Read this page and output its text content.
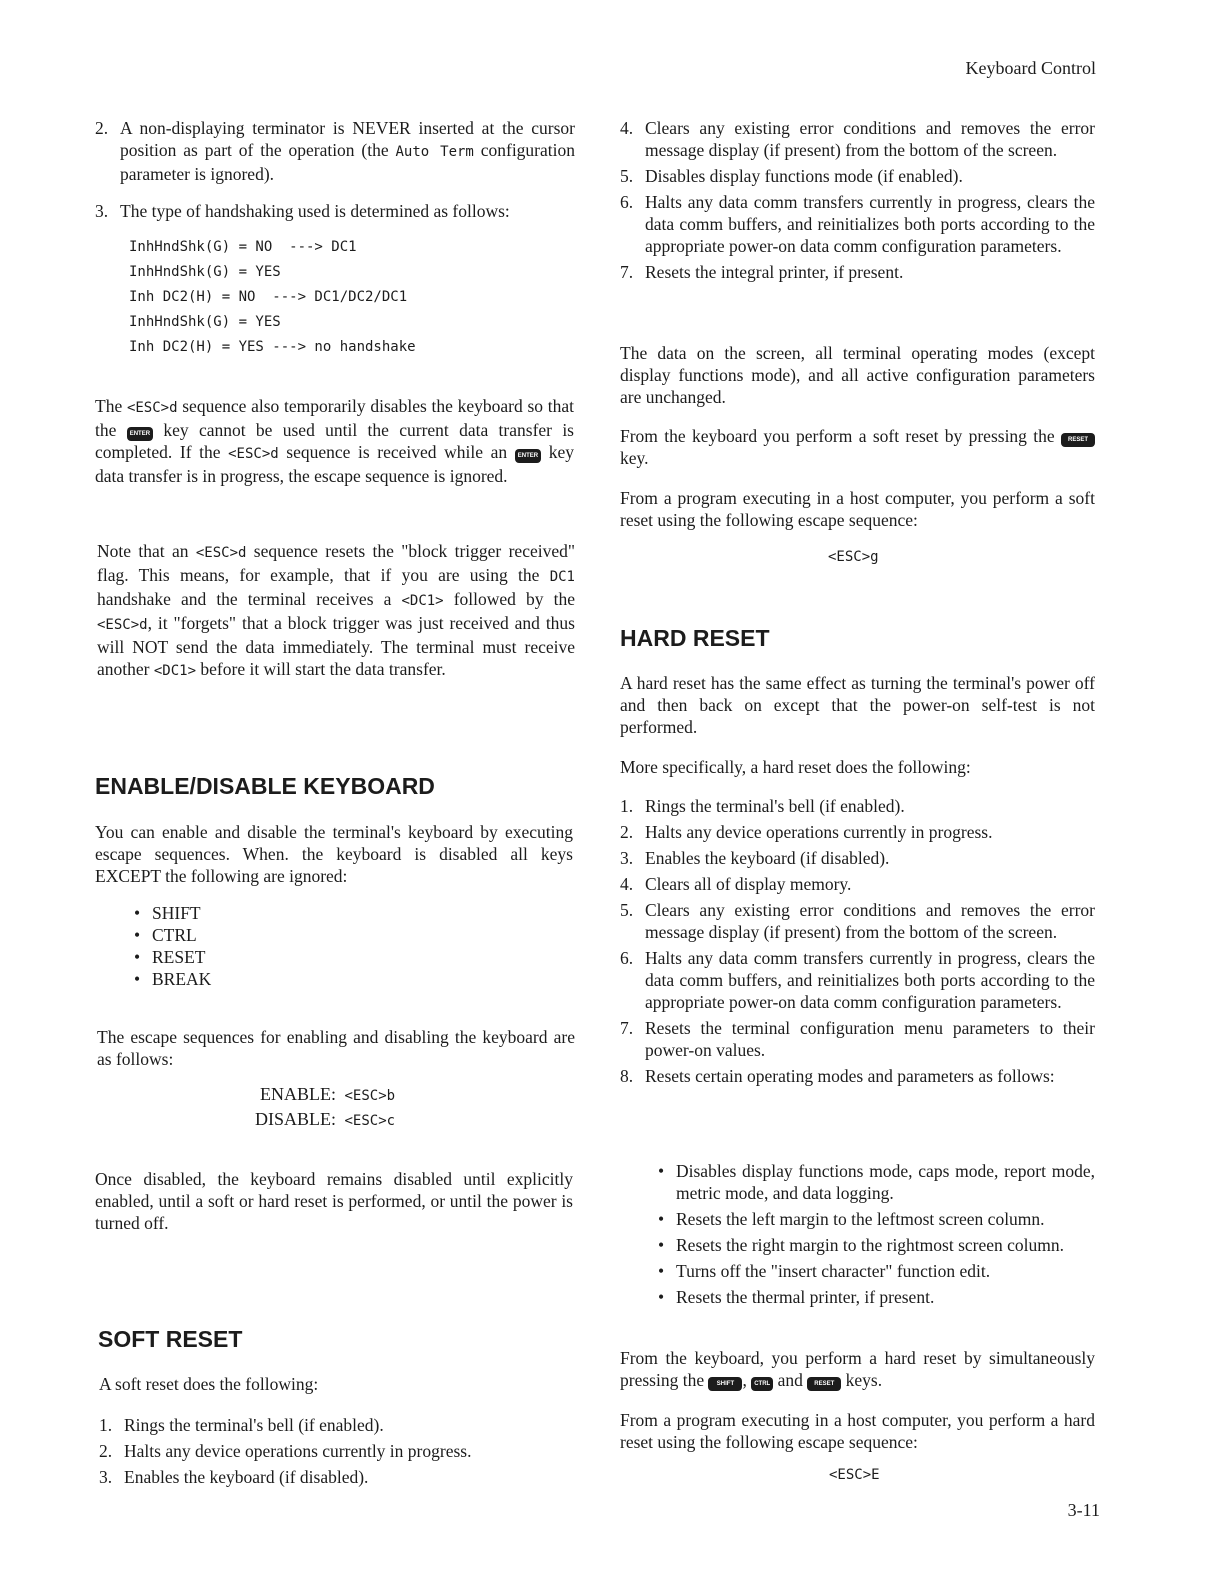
Keyboard Control
2. A non-displaying terminator is NEVER inserted at the cursor position as part of the operation (the Auto Term configuration parameter is ignored).
3. The type of handshaking used is determined as follows:
InhHndShk(G) = NO  ---> DC1
InhHndShk(G) = YES
Inh DC2(H) = NO  ---> DC1/DC2/DC1
InhHndShk(G) = YES
Inh DC2(H) = YES ---> no handshake
The <ESC>d sequence also temporarily disables the keyboard so that the ENTER key cannot be used until the current data transfer is completed. If the <ESC>d sequence is received while an ENTER key data transfer is in progress, the escape sequence is ignored.
Note that an <ESC>d sequence resets the "block trigger received" flag. This means, for example, that if you are using the DC1 handshake and the terminal receives a <DC1> followed by the <ESC>d, it "forgets" that a block trigger was just received and thus will NOT send the data immediately. The terminal must receive another <DC1> before it will start the data transfer.
ENABLE/DISABLE KEYBOARD
You can enable and disable the terminal's keyboard by executing escape sequences. When. the keyboard is disabled all keys EXCEPT the following are ignored:
• SHIFT
• CTRL
• RESET
• BREAK
The escape sequences for enabling and disabling the keyboard are as follows:
ENABLE: <ESC>b
DISABLE: <ESC>c
Once disabled, the keyboard remains disabled until explicitly enabled, until a soft or hard reset is performed, or until the power is turned off.
SOFT RESET
A soft reset does the following:
1. Rings the terminal's bell (if enabled).
2. Halts any device operations currently in progress.
3. Enables the keyboard (if disabled).
4. Clears any existing error conditions and removes the error message display (if present) from the bottom of the screen.
5. Disables display functions mode (if enabled).
6. Halts any data comm transfers currently in progress, clears the data comm buffers, and reinitializes both ports according to the appropriate power-on data comm configuration parameters.
7. Resets the integral printer, if present.
The data on the screen, all terminal operating modes (except display functions mode), and all active configuration parameters are unchanged.
From the keyboard you perform a soft reset by pressing the RESET key.
From a program executing in a host computer, you perform a soft reset using the following escape sequence:
<ESC>g
HARD RESET
A hard reset has the same effect as turning the terminal's power off and then back on except that the power-on self-test is not performed.
More specifically, a hard reset does the following:
1. Rings the terminal's bell (if enabled).
2. Halts any device operations currently in progress.
3. Enables the keyboard (if disabled).
4. Clears all of display memory.
5. Clears any existing error conditions and removes the error message display (if present) from the bottom of the screen.
6. Halts any data comm transfers currently in progress, clears the data comm buffers, and reinitializes both ports according to the appropriate power-on data comm configuration parameters.
7. Resets the terminal configuration menu parameters to their power-on values.
8. Resets certain operating modes and parameters as follows:
• Disables display functions mode, caps mode, report mode, metric mode, and data logging.
• Resets the left margin to the leftmost screen column.
• Resets the right margin to the rightmost screen column.
• Turns off the "insert character" function edit.
• Resets the thermal printer, if present.
From the keyboard, you perform a hard reset by simultaneously pressing the SHIFT , CTRL and RESET keys.
From a program executing in a host computer, you perform a hard reset using the following escape sequence:
<ESC>E
3-11
